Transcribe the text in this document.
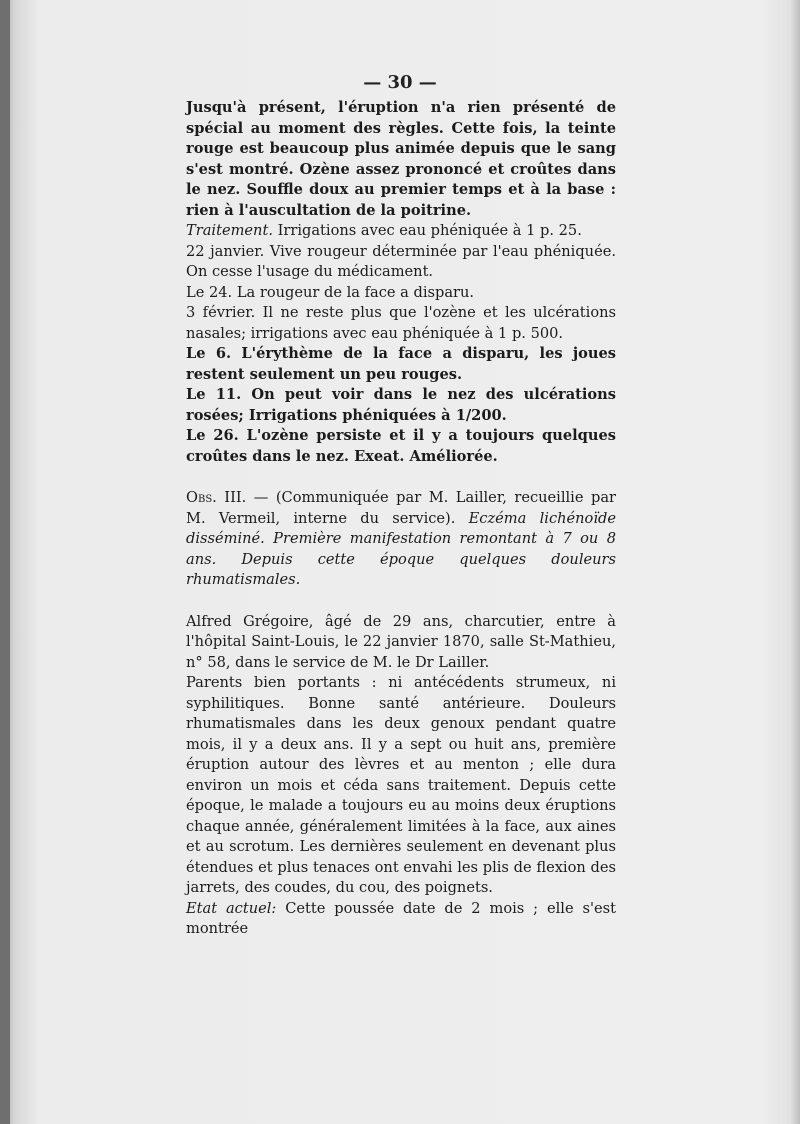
— 30 —

Jusqu'à présent, l'éruption n'a rien présenté de spécial au moment des règles. Cette fois, la teinte rouge est beaucoup plus animée depuis que le sang s'est montré. Ozène assez prononcé et croûtes dans le nez. Souffle doux au premier temps et à la base : rien à l'auscultation de la poitrine.

Traitement. Irrigations avec eau phéniquée à 1 p. 25.

22 janvier. Vive rougeur déterminée par l'eau phéniquée. On cesse l'usage du médicament.

Le 24. La rougeur de la face a disparu.

3 février. Il ne reste plus que l'ozène et les ulcérations nasales; irrigations avec eau phéniquée à 1 p. 500.

Le 6. L'érythème de la face a disparu, les joues restent seulement un peu rouges.

Le 11. On peut voir dans le nez des ulcérations rosées; Irrigations phéniquées à 1/200.

Le 26. L'ozène persiste et il y a toujours quelques croûtes dans le nez. Exeat. Améliorée.

Obs. III. — (Communiquée par M. Lailler, recueillie par M. Vermeil, interne du service). Eczéma lichénoïde disséminé. Première manifestation remontant à 7 ou 8 ans. Depuis cette époque quelques douleurs rhumatismales.

Alfred Grégoire, âgé de 29 ans, charcutier, entre à l'hôpital Saint-Louis, le 22 janvier 1870, salle St-Mathieu, n° 58, dans le service de M. le Dr Lailler.

Parents bien portants : ni antécédents strumeux, ni syphilitiques. Bonne santé antérieure. Douleurs rhumatismales dans les deux genoux pendant quatre mois, il y a deux ans. Il y a sept ou huit ans, première éruption autour des lèvres et au menton ; elle dura environ un mois et céda sans traitement. Depuis cette époque, le malade a toujours eu au moins deux éruptions chaque année, généralement limitées à la face, aux aines et au scrotum. Les dernières seulement en devenant plus étendues et plus tenaces ont envahi les plis de flexion des jarrets, des coudes, du cou, des poignets.

Etat actuel: Cette poussée date de 2 mois ; elle s'est montrée
